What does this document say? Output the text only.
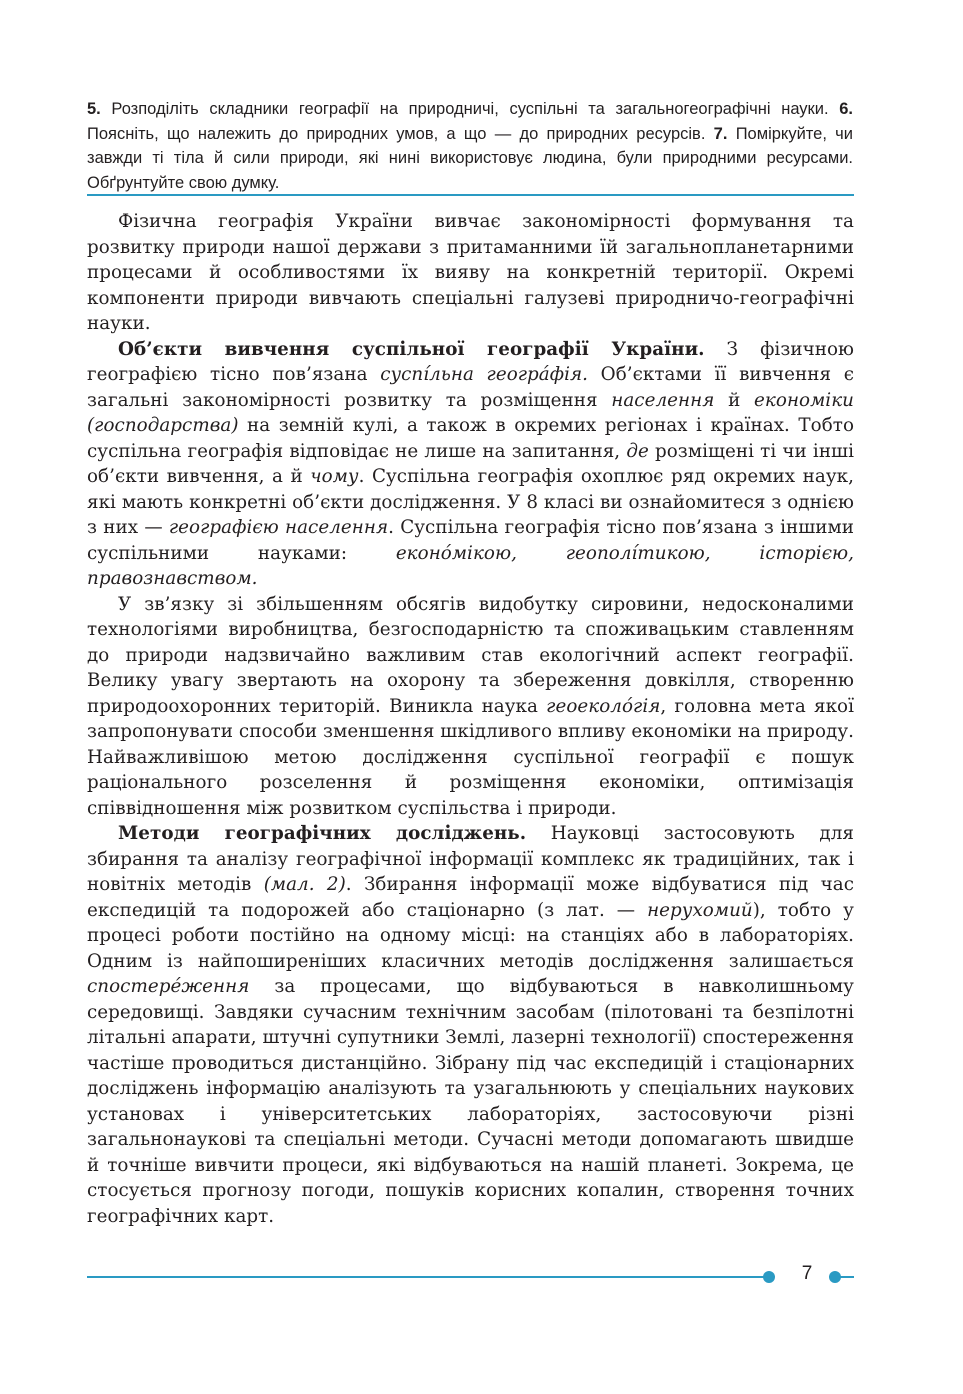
5. Розподіліть складники географії на природничі, суспільні та загальногеографічні науки. 6. Поясніть, що належить до природних умов, а що — до природних ресурсів. 7. Поміркуйте, чи завжди ті тіла й сили природи, які нині використовує людина, були природними ресурсами. Обґрунтуйте свою думку.

Фізична географія України вивчає закономірності формування та розвитку природи нашої держави з притаманними їй загальнопланетарними процесами й особливостями їх вияву на конкретній території. Окремі компоненти природи вивчають спеціальні галузеві природничо-географічні науки.

Об’єкти вивчення суспільної географії України. З фізичною географією тісно пов’язана суспі́льна геогра́фія. Об’єктами її вивчення є загальні закономірності розвитку та розміщення населення й економіки (господарства) на земній кулі, а також в окремих регіонах і країнах. Тобто суспільна географія відповідає не лише на запитання, де розміщені ті чи інші об’єкти вивчення, а й чому. Суспільна географія охоплює ряд окремих наук, які мають конкретні об’єкти дослідження. У 8 класі ви ознайомитеся з однією з них — географією населення. Суспільна географія тісно пов’язана з іншими суспільними науками: еконо́мікою, геополі́тикою, історією, правознавством.

У зв’язку зі збільшенням обсягів видобутку сировини, недосконалими технологіями виробництва, безгосподарністю та споживацьким ставленням до природи надзвичайно важливим став екологічний аспект географії. Велику увагу звертають на охорону та збереження довкілля, створенню природоохоронних територій. Виникла наука геоеколо́гія, головна мета якої запропонувати способи зменшення шкідливого впливу економіки на природу. Найважливішою метою дослідження суспільної географії є пошук раціонального розселення й розміщення економіки, оптимізація співвідношення між розвитком суспільства і природи.

Методи географічних досліджень. Науковці застосовують для збирання та аналізу географічної інформації комплекс як традиційних, так і новітніх методів (мал. 2). Збирання інформації може відбуватися під час експедицій та подорожей або стаціонарно (з лат. — нерухомий), тобто у процесі роботи постійно на одному місці: на станціях або в лабораторіях. Одним із найпоширеніших класичних методів дослідження залишається спостере́ження за процесами, що відбуваються в навколишньому середовищі. Завдяки сучасним технічним засобам (пілотовані та безпілотні літальні апарати, штучні супутники Землі, лазерні технології) спостереження частіше проводиться дистанційно. Зібрану під час експедицій і стаціонарних досліджень інформацію аналізують та узагальнюють у спеціальних наукових установах і університетських лабораторіях, застосовуючи різні загальнонаукові та спеціальні методи. Сучасні методи допомагають швидше й точніше вивчити процеси, які відбуваються на нашій планеті. Зокрема, це стосується прогнозу погоди, пошуків корисних копалин, створення точних географічних карт.

7
